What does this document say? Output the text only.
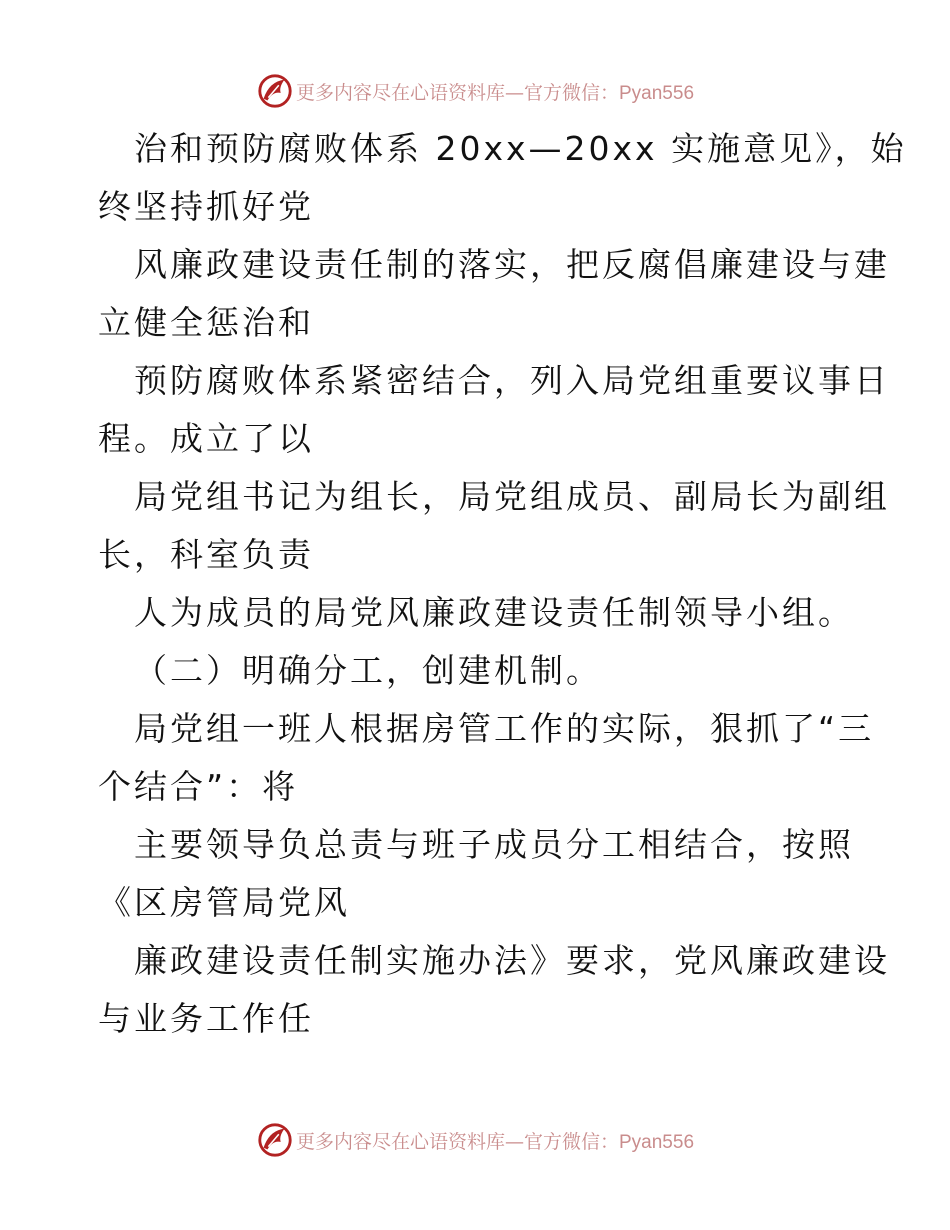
更多内容尽在心语资料库—官方微信：Pyan556
治和预防腐败体系 20xx—20xx 实施意见》，始
终坚持抓好党
风廉政建设责任制的落实，把反腐倡廉建设与建
立健全惩治和
预防腐败体系紧密结合，列入局党组重要议事日
程。成立了以
局党组书记为组长，局党组成员、副局长为副组
长，科室负责
人为成员的局党风廉政建设责任制领导小组。
（二）明确分工，创建机制。
局党组一班人根据房管工作的实际，狠抓了“三
个结合”：将
主要领导负总责与班子成员分工相结合，按照
《区房管局党风
廉政建设责任制实施办法》要求，党风廉政建设
与业务工作任
更多内容尽在心语资料库—官方微信：Pyan556
